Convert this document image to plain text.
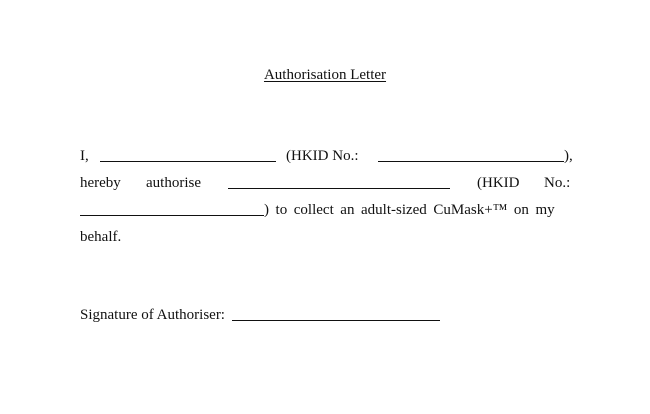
Authorisation Letter
I,	(HKID No.:	),
hereby authorise	(HKID No.:
) to collect an adult-sized CuMask+™ on my
behalf.
Signature of Authoriser:
